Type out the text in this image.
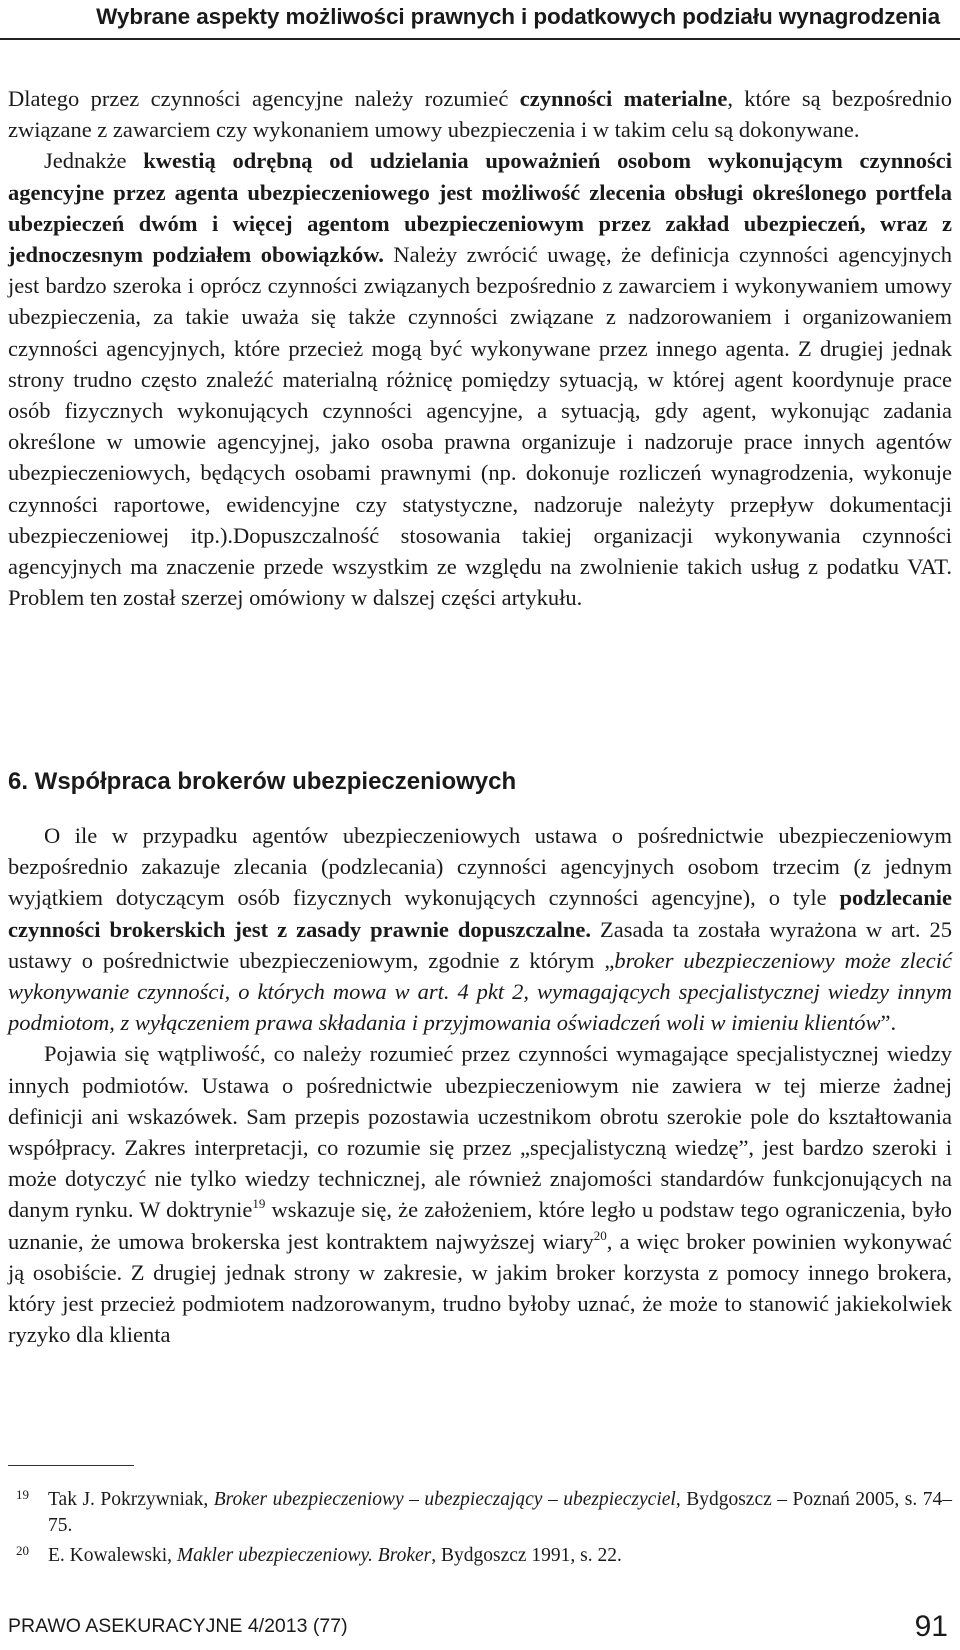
Wybrane aspekty możliwości prawnych i podatkowych podziału wynagrodzenia

Dlatego przez czynności agencyjne należy rozumieć czynności materialne, które są bezpośrednio związane z zawarciem czy wykonaniem umowy ubezpieczenia i w takim celu są dokonywane.

Jednakże kwestią odrębną od udzielania upoważnień osobom wykonującym czynności agencyjne przez agenta ubezpieczeniowego jest możliwość zlecenia obsługi określonego portfela ubezpieczeń dwóm i więcej agentom ubezpieczeniowym przez zakład ubezpieczeń, wraz z jednoczesnym podziałem obowiązków. Należy zwrócić uwagę, że definicja czynności agencyjnych jest bardzo szeroka i oprócz czynności związanych bezpośrednio z zawarciem i wykonywaniem umowy ubezpieczenia, za takie uważa się także czynności związane z nadzorowaniem i organizowaniem czynności agencyjnych, które przecież mogą być wykonywane przez innego agenta. Z drugiej jednak strony trudno często znaleźć materialną różnicę pomiędzy sytuacją, w której agent koordynuje prace osób fizycznych wykonujących czynności agencyjne, a sytuacją, gdy agent, wykonując zadania określone w umowie agencyjnej, jako osoba prawna organizuje i nadzoruje prace innych agentów ubezpieczeniowych, będących osobami prawnymi (np. dokonuje rozliczeń wynagrodzenia, wykonuje czynności raportowe, ewidencyjne czy statystyczne, nadzoruje należyty przepływ dokumentacji ubezpieczeniowej itp.).Dopuszczalność stosowania takiej organizacji wykonywania czynności agencyjnych ma znaczenie przede wszystkim ze względu na zwolnienie takich usług z podatku VAT. Problem ten został szerzej omówiony w dalszej części artykułu.

6. Współpraca brokerów ubezpieczeniowych

O ile w przypadku agentów ubezpieczeniowych ustawa o pośrednictwie ubezpieczeniowym bezpośrednio zakazuje zlecania (podzlecania) czynności agencyjnych osobom trzecim (z jednym wyjątkiem dotyczącym osób fizycznych wykonujących czynności agencyjne), o tyle podzlecanie czynności brokerskich jest z zasady prawnie dopuszczalne. Zasada ta została wyrażona w art. 25 ustawy o pośrednictwie ubezpieczeniowym, zgodnie z którym „broker ubezpieczeniowy może zlecić wykonywanie czynności, o których mowa w art. 4 pkt 2, wymagających specjalistycznej wiedzy innym podmiotom, z wyłączeniem prawa składania i przyjmowania oświadczeń woli w imieniu klientów”.

Pojawia się wątpliwość, co należy rozumieć przez czynności wymagające specjalistycznej wiedzy innych podmiotów. Ustawa o pośrednictwie ubezpieczeniowym nie zawiera w tej mierze żadnej definicji ani wskazówek. Sam przepis pozostawia uczestnikom obrotu szerokie pole do kształtowania współpracy. Zakres interpretacji, co rozumie się przez „specjalistyczną wiedzę”, jest bardzo szeroki i może dotyczyć nie tylko wiedzy technicznej, ale również znajomości standardów funkcjonujących na danym rynku. W doktrynie$^{19}$ wskazuje się, że założeniem, które legło u podstaw tego ograniczenia, było uznanie, że umowa brokerska jest kontraktem najwyższej wiary$^{20}$, a więc broker powinien wykonywać ją osobiście. Z drugiej jednak strony w zakresie, w jakim broker korzysta z pomocy innego brokera, który jest przecież podmiotem nadzorowanym, trudno byłoby uznać, że może to stanowić jakiekolwiek ryzyko dla klienta

19 Tak J. Pokrzywniak, Broker ubezpieczeniowy – ubezpieczający – ubezpieczyciel, Bydgoszcz – Poznań 2005, s. 74–75.
20 E. Kowalewski, Makler ubezpieczeniowy. Broker, Bydgoszcz 1991, s. 22.
PRAWO ASEKURACYJNE 4/2013 (77)	91
